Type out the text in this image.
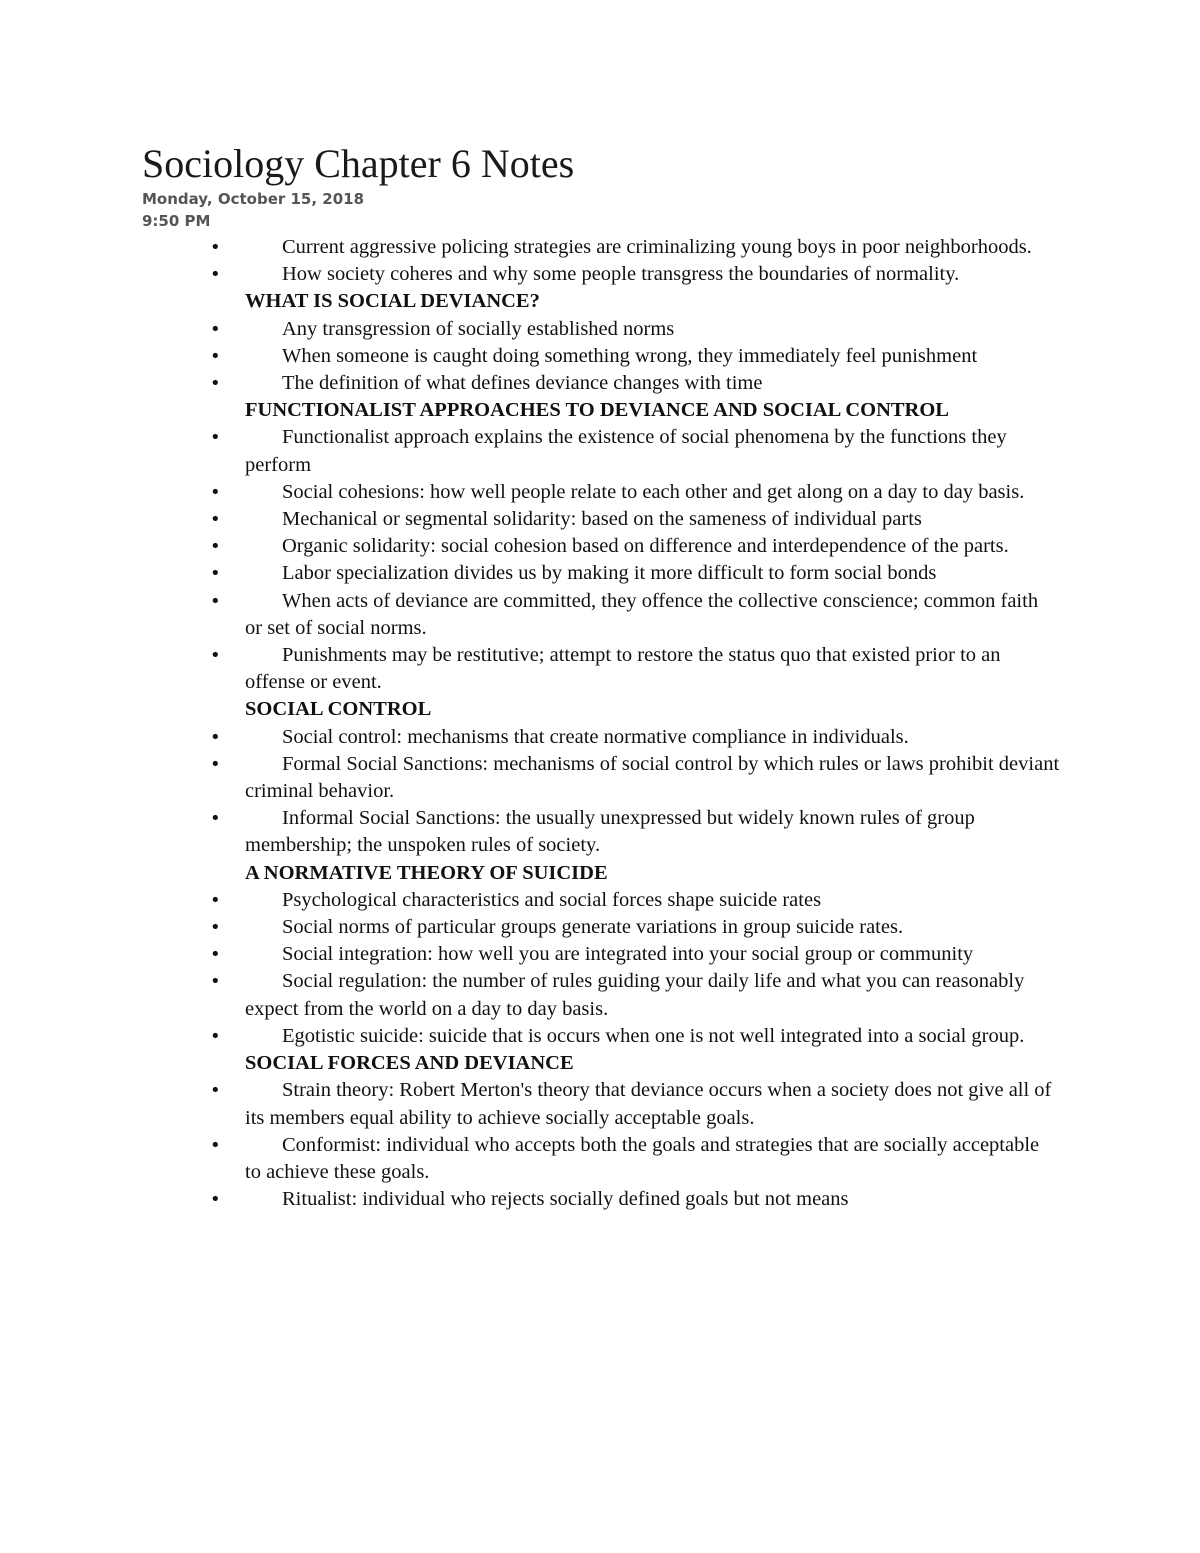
Sociology Chapter 6 Notes
Monday, October 15, 2018
9:50 PM
•	Current aggressive policing strategies are criminalizing young boys in poor neighborhoods.
•	How society coheres and why some people transgress the boundaries of normality.
WHAT IS SOCIAL DEVIANCE?
•	Any transgression of socially established norms
•	When someone is caught doing something wrong, they immediately feel punishment
•	The definition of what defines deviance changes with time
FUNCTIONALIST APPROACHES TO DEVIANCE AND SOCIAL CONTROL
•	Functionalist approach explains the existence of social phenomena by the functions they perform
•	Social cohesions: how well people relate to each other and get along on a day to day basis.
•	Mechanical or segmental solidarity: based on the sameness of individual parts
•	Organic solidarity: social cohesion based on difference and interdependence of the parts.
•	Labor specialization divides us by making it more difficult to form social bonds
•	When acts of deviance are committed, they offence the collective conscience; common faith or set of social norms.
•	Punishments may be restitutive; attempt to restore the status quo that existed prior to an offense or event.
SOCIAL CONTROL
•	Social control: mechanisms that create normative compliance in individuals.
•	Formal Social Sanctions: mechanisms of social control by which rules or laws prohibit deviant criminal behavior.
•	Informal Social Sanctions: the usually unexpressed but widely known rules of group membership; the unspoken rules of society.
A NORMATIVE THEORY OF SUICIDE
•	Psychological characteristics and social forces shape suicide rates
•	Social norms of particular groups generate variations in group suicide rates.
•	Social integration: how well you are integrated into your social group or community
•	Social regulation: the number of rules guiding your daily life and what you can reasonably expect from the world on a day to day basis.
•	Egotistic suicide: suicide that is occurs when one is not well integrated into a social group.
SOCIAL FORCES AND DEVIANCE
•	Strain theory: Robert Merton's theory that deviance occurs when a society does not give all of its members equal ability to achieve socially acceptable goals.
•	Conformist: individual who accepts both the goals and strategies that are socially acceptable to achieve these goals.
•	Ritualist: individual who rejects socially defined goals but not means
